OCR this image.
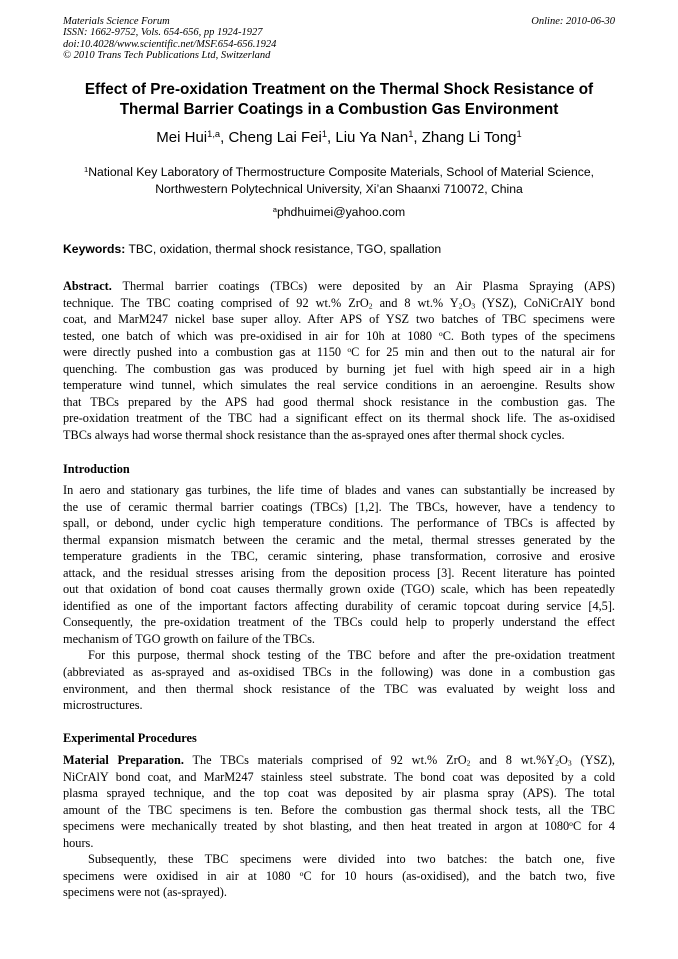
Materials Science Forum
ISSN: 1662-9752, Vols. 654-656, pp 1924-1927
doi:10.4028/www.scientific.net/MSF.654-656.1924
© 2010 Trans Tech Publications Ltd, Switzerland
Online: 2010-06-30
Effect of Pre-oxidation Treatment on the Thermal Shock Resistance of
Thermal Barrier Coatings in a Combustion Gas Environment
Mei Hui$^{1,a}$, Cheng Lai Fei$^1$, Liu Ya Nan$^1$, Zhang Li Tong$^1$
$^1$National Key Laboratory of Thermostructure Composite Materials, School of Material Science,
Northwestern Polytechnical University, Xi’an Shaanxi 710072, China
$^a$phdhuimei@yahoo.com
Keywords: TBC, oxidation, thermal shock resistance, TGO, spallation
Abstract. Thermal barrier coatings (TBCs) were deposited by an Air Plasma Spraying (APS)
technique. The TBC coating comprised of 92 wt.% ZrO$_2$ and 8 wt.% $Y_2O_3$ (YSZ), CoNiCrAlY bond
coat, and MarM247 nickel base super alloy. After APS of YSZ two batches of TBC specimens were
tested, one batch of which was pre-oxidised in air for 10h at 1080 $^o$C. Both types of the specimens
were directly pushed into a combustion gas at 1150 $^o$C for 25 min and then out to the natural air for
quenching. The combustion gas was produced by burning jet fuel with high speed air in a high
temperature wind tunnel, which simulates the real service conditions in an aeroengine. Results show
that TBCs prepared by the APS had good thermal shock resistance in the combustion gas. The
pre-oxidation treatment of the TBC had a significant effect on its thermal shock life. The as-oxidised
TBCs always had worse thermal shock resistance than the as-sprayed ones after thermal shock cycles.
Introduction
In aero and stationary gas turbines, the life time of blades and vanes can substantially be increased by
the use of ceramic thermal barrier coatings (TBCs) [1,2]. The TBCs, however, have a tendency to
spall, or debond, under cyclic high temperature conditions. The performance of TBCs is affected by
thermal expansion mismatch between the ceramic and the metal, thermal stresses generated by the
temperature gradients in the TBC, ceramic sintering, phase transformation, corrosive and erosive
attack, and the residual stresses arising from the deposition process [3]. Recent literature has pointed
out that oxidation of bond coat causes thermally grown oxide (TGO) scale, which has been repeatedly
identified as one of the important factors affecting durability of ceramic topcoat during service [4,5].
Consequently, the pre-oxidation treatment of the TBCs could help to properly understand the effect
mechanism of TGO growth on failure of the TBCs.
For this purpose, thermal shock testing of the TBC before and after the pre-oxidation treatment
(abbreviated as as-sprayed and as-oxidised TBCs in the following) was done in a combustion gas
environment, and then thermal shock resistance of the TBC was evaluated by weight loss and
microstructures.
Experimental Procedures
Material Preparation. The TBCs materials comprised of 92 wt.% ZrO$_2$ and 8 $wt.\%Y_2O_3$ (YSZ),
NiCrAlY bond coat, and MarM247 stainless steel substrate. The bond coat was deposited by a cold
plasma sprayed technique, and the top coat was deposited by air plasma spray (APS). The total
amount of the TBC specimens is ten. Before the combustion gas thermal shock tests, all the TBC
specimens were mechanically treated by shot blasting, and then heat treated in argon at 1080$^o$C for 4
hours.
Subsequently, these TBC specimens were divided into two batches: the batch one, five
specimens were oxidised in air at 1080 $^o$C for 10 hours (as-oxidised), and the batch two, five
specimens were not (as-sprayed).
